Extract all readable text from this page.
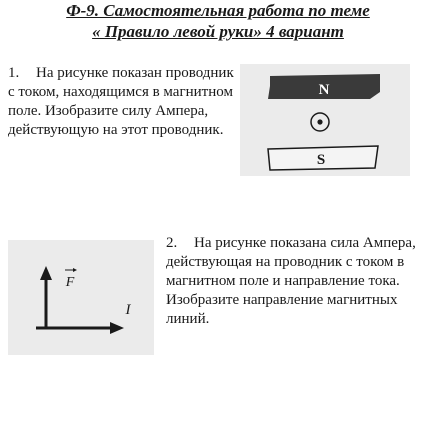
Ф-9. Самостоятельная работа по теме
« Правило левой руки» 4 вариант
1. На рисунке показан проводник с током, находящимся в магнитном поле. Изобразите силу Ампера, действующую на этот проводник.
N
S
F
I
2. На рисунке показана сила Ампера, действующая на проводник с током в магнитном поле и направление тока. Изобразите направление магнитных линий.
